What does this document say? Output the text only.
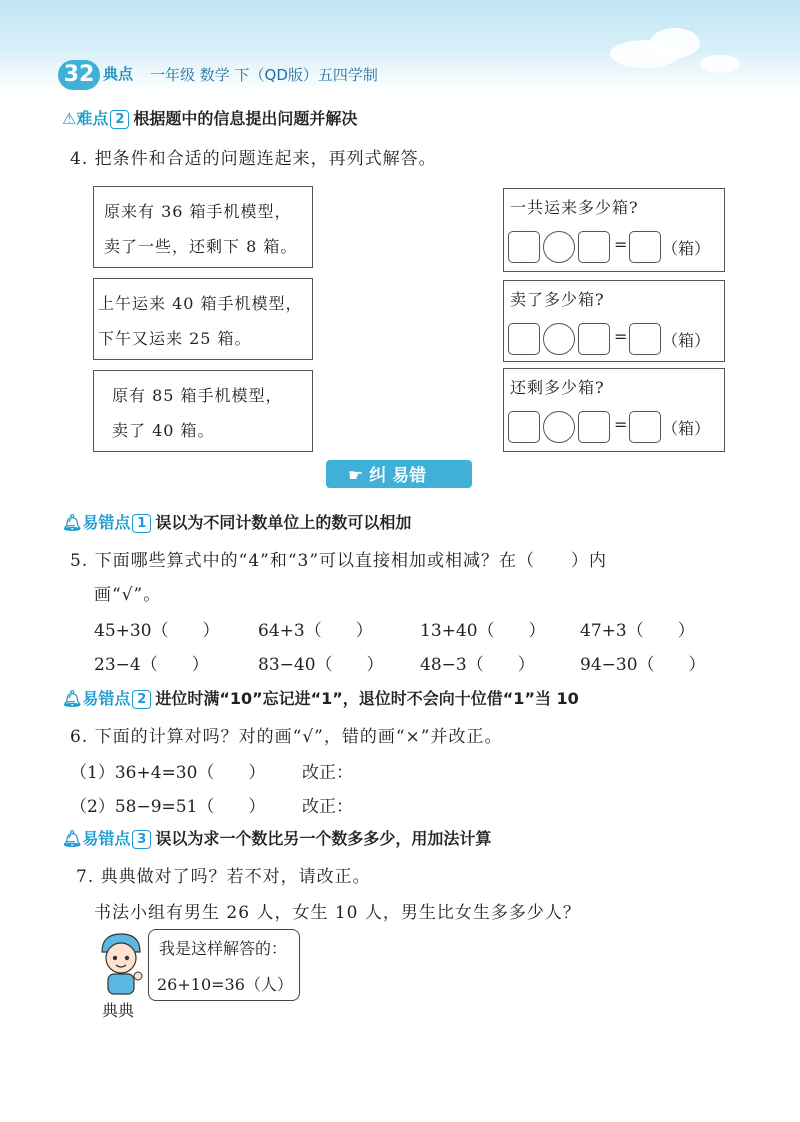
32 典点 一年级 数学 下（QD版）五四学制
⚠难点 2 根据题中的信息提出问题并解决
4. 把条件和合适的问题连起来，再列式解答。
原来有 36 箱手机模型，
卖了一些，还剩下 8 箱。
上午运来 40 箱手机模型，
下午又运来 25 箱。
原有 85 箱手机模型，
卖了 40 箱。
一共运来多少箱?
= （箱）
卖了多少箱?
= （箱）
还剩多少箱?
= （箱）
☛ 纠 易错
🔔︎易错点 1 误以为不同计数单位上的数可以相加
5. 下面哪些算式中的“4”和“3”可以直接相加或相减？在（　　）内
画“√”。
45+30（　　） 64+3（　　）	13+40（　　） 47+3（　　）
23−4（　　）	83−40（　　） 48−3（　　）	94−30（　　）
🔔︎易错点 2 进位时满“10”忘记进“1”，退位时不会向十位借“1”当 10
6. 下面的计算对吗？对的画“√”，错的画“×”并改正。
（1）36+4=30（　　） 改正：
（2）58−9=51（　　） 改正：
🔔︎易错点 3 误以为求一个数比另一个数多多少，用加法计算
7. 典典做对了吗？若不对，请改正。
书法小组有男生 26 人，女生 10 人，男生比女生多多少人？
我是这样解答的：
26+10=36（人）
典典
